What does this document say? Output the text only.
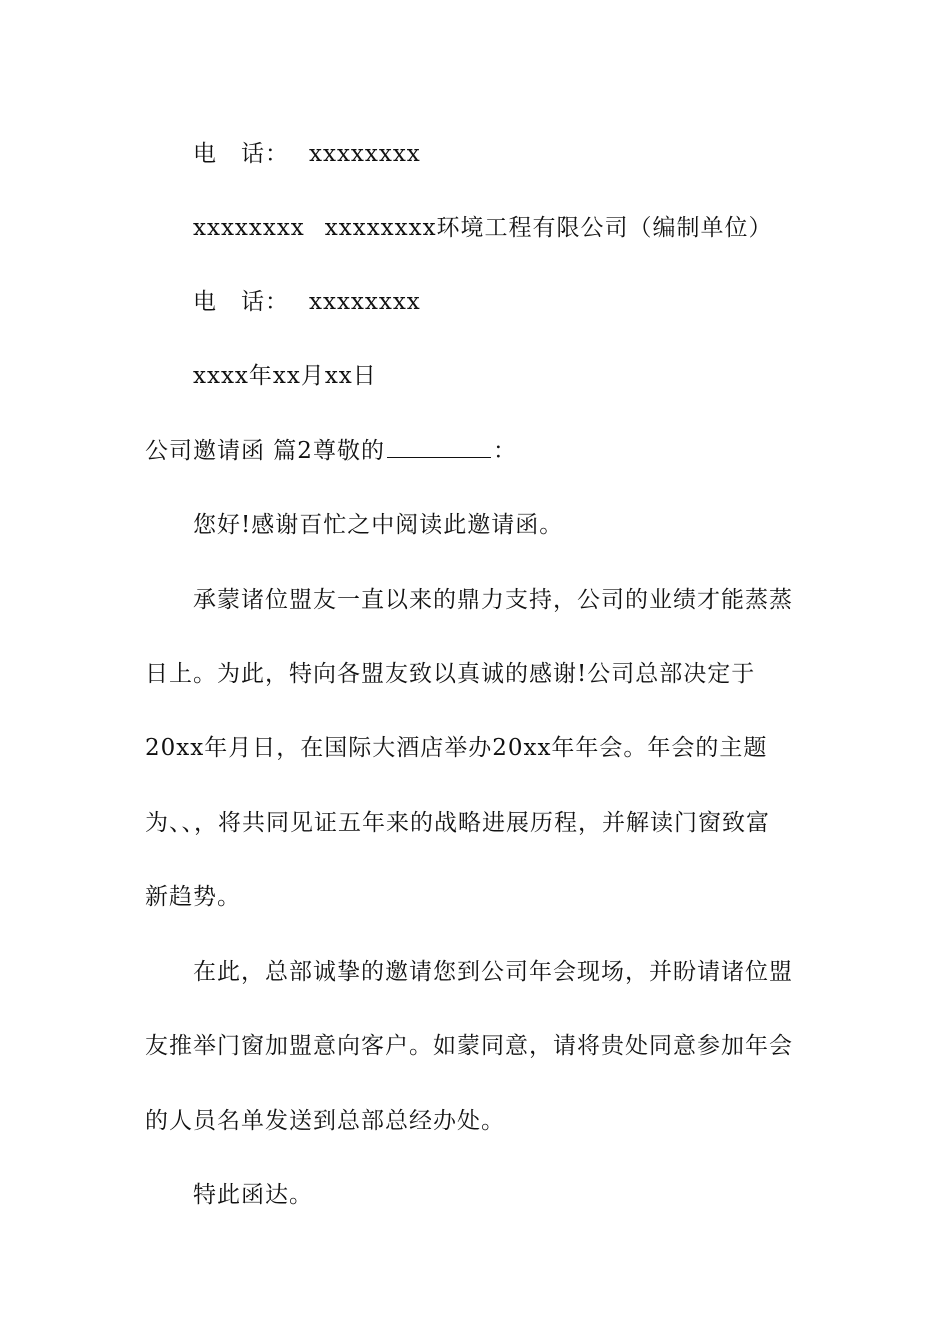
电　话： xxxxxxxx
xxxxxxxx xxxxxxxx环境工程有限公司（编制单位）
电　话： xxxxxxxx
xxxx年xx月xx日
公司邀请函 篇2尊敬的	：
您好!感谢百忙之中阅读此邀请函。
承蒙诸位盟友一直以来的鼎力支持，公司的业绩才能蒸蒸
日上。为此，特向各盟友致以真诚的感谢!公司总部决定于
20xx年月日，在国际大酒店举办20xx年年会。年会的主题
为、、，将共同见证五年来的战略进展历程，并解读门窗致富
新趋势。
在此，总部诚挚的邀请您到公司年会现场，并盼请诸位盟
友推举门窗加盟意向客户。如蒙同意，请将贵处同意参加年会
的人员名单发送到总部总经办处。
特此函达。
